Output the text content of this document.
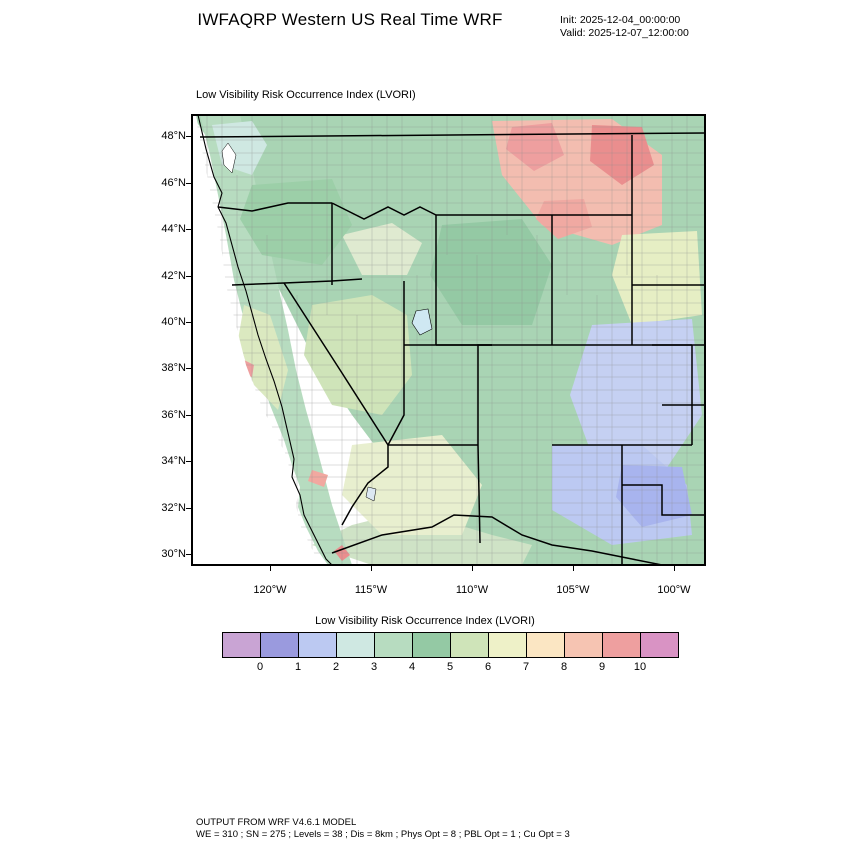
IWFAQRP Western US Real Time WRF	Init: 2025-12-04_00:00:00
Valid: 2025-12-07_12:00:00
Low Visibility Risk Occurrence Index (LVORI)
48°N
46°N
44°N
42°N
40°N
38°N
36°N
34°N
32°N
30°N
120°W	115°W	110°W	105°W	100°W
Low Visibility Risk Occurrence Index (LVORI)
0	1	2	3	4	5	6	7	8	9	10
OUTPUT FROM WRF V4.6.1 MODEL
WE = 310 ; SN = 275 ; Levels = 38 ; Dis = 8km ; Phys Opt = 8 ; PBL Opt = 1 ; Cu Opt = 3
